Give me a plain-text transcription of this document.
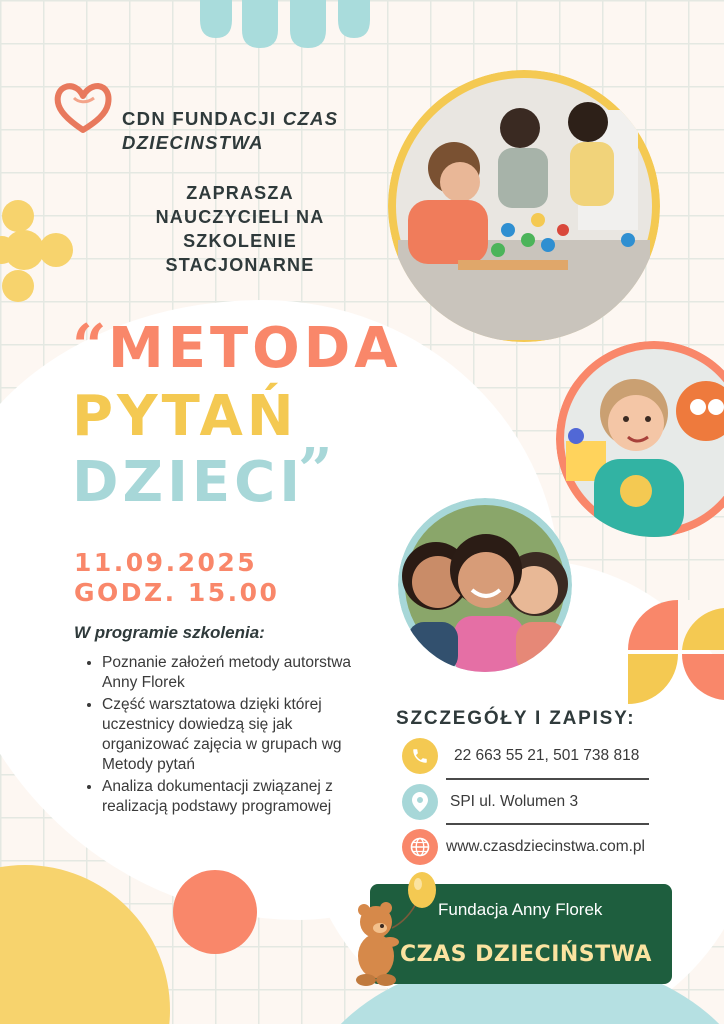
CDN FUNDACJI CZAS
DZIECINSTWA
ZAPRASZA
NAUCZYCIELI NA
SZKOLENIE
STACJONARNE
“
METODA
PYTAŃ
DZIECI
”
11.09.2025
GODZ. 15.00
W programie szkolenia:
• Poznanie założeń metody autorstwa Anny Florek
• Część warsztatowa dzięki której uczestnicy dowiedzą się jak organizować zajęcia w grupach wg Metody pytań
• Analiza dokumentacji związanej z realizacją podstawy programowej
SZCZEGÓŁY I ZAPISY:
22 663 55 21, 501 738 818
SPI ul. Wolumen 3
www.czasdziecinstwa.com.pl
Fundacja Anny Florek
CZAS DZIECIŃSTWA
